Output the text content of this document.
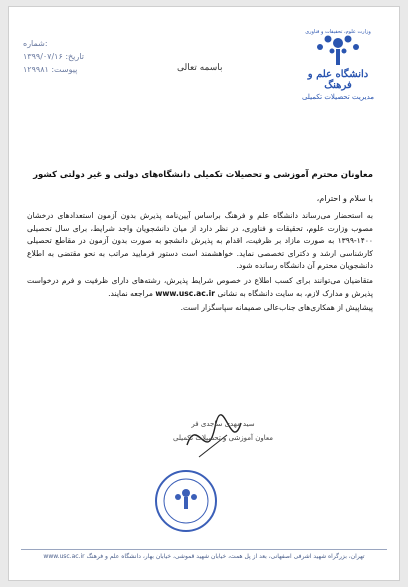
شماره:
تاریخ: ۱۳۹۹/۰۷/۱۶
پیوست: ۱۲۹۹۸۱	باسمه تعالی
وزارت علوم، تحقیقات و فناوری
دانشگاه علم و فرهنگ
مدیریت تحصیلات تکمیلی
معاونان محترم آموزشی و تحصیلات تکمیلی دانشگاه‌های دولتی و غیر دولتی کشور
با سلام و احترام،

به استحضار می‌رساند دانشگاه علم و فرهنگ براساس آیین‌نامه پذیرش بدون آزمون استعدادهای درخشان مصوب وزارت علوم، تحقیقات و فناوری، در نظر دارد از میان دانشجویان واجد شرایط، برای سال تحصیلی ۱۴۰۰-۱۳۹۹ به صورت مازاد بر ظرفیت، اقدام به پذیرش دانشجو به صورت بدون آزمون در مقاطع تحصیلی کارشناسی ارشد و دکترای تخصصی نماید. خواهشمند است دستور فرمایید مراتب به نحو مقتضی به اطلاع دانشجویان محترم آن دانشگاه رسانده شود.

متقاضیان می‌توانند برای کسب اطلاع در خصوص شرایط پذیرش، رشته‌های دارای ظرفیت و فرم درخواست پذیرش و مدارک لازم، به سایت دانشگاه به نشانی www.usc.ac.ir مراجعه نمایند.

پیشاپیش از همکاری‌های جناب‌عالی صمیمانه سپاسگزار است.

سید مهدی ساجدی فر
معاون آموزشی و تحصیلات تکمیلی
تهران، بزرگراه شهید اشرفی اصفهانی، بعد از پل همت، خیابان شهید قموشی، خیابان بهار، دانشگاه علم و فرهنگ www.usc.ac.ir
